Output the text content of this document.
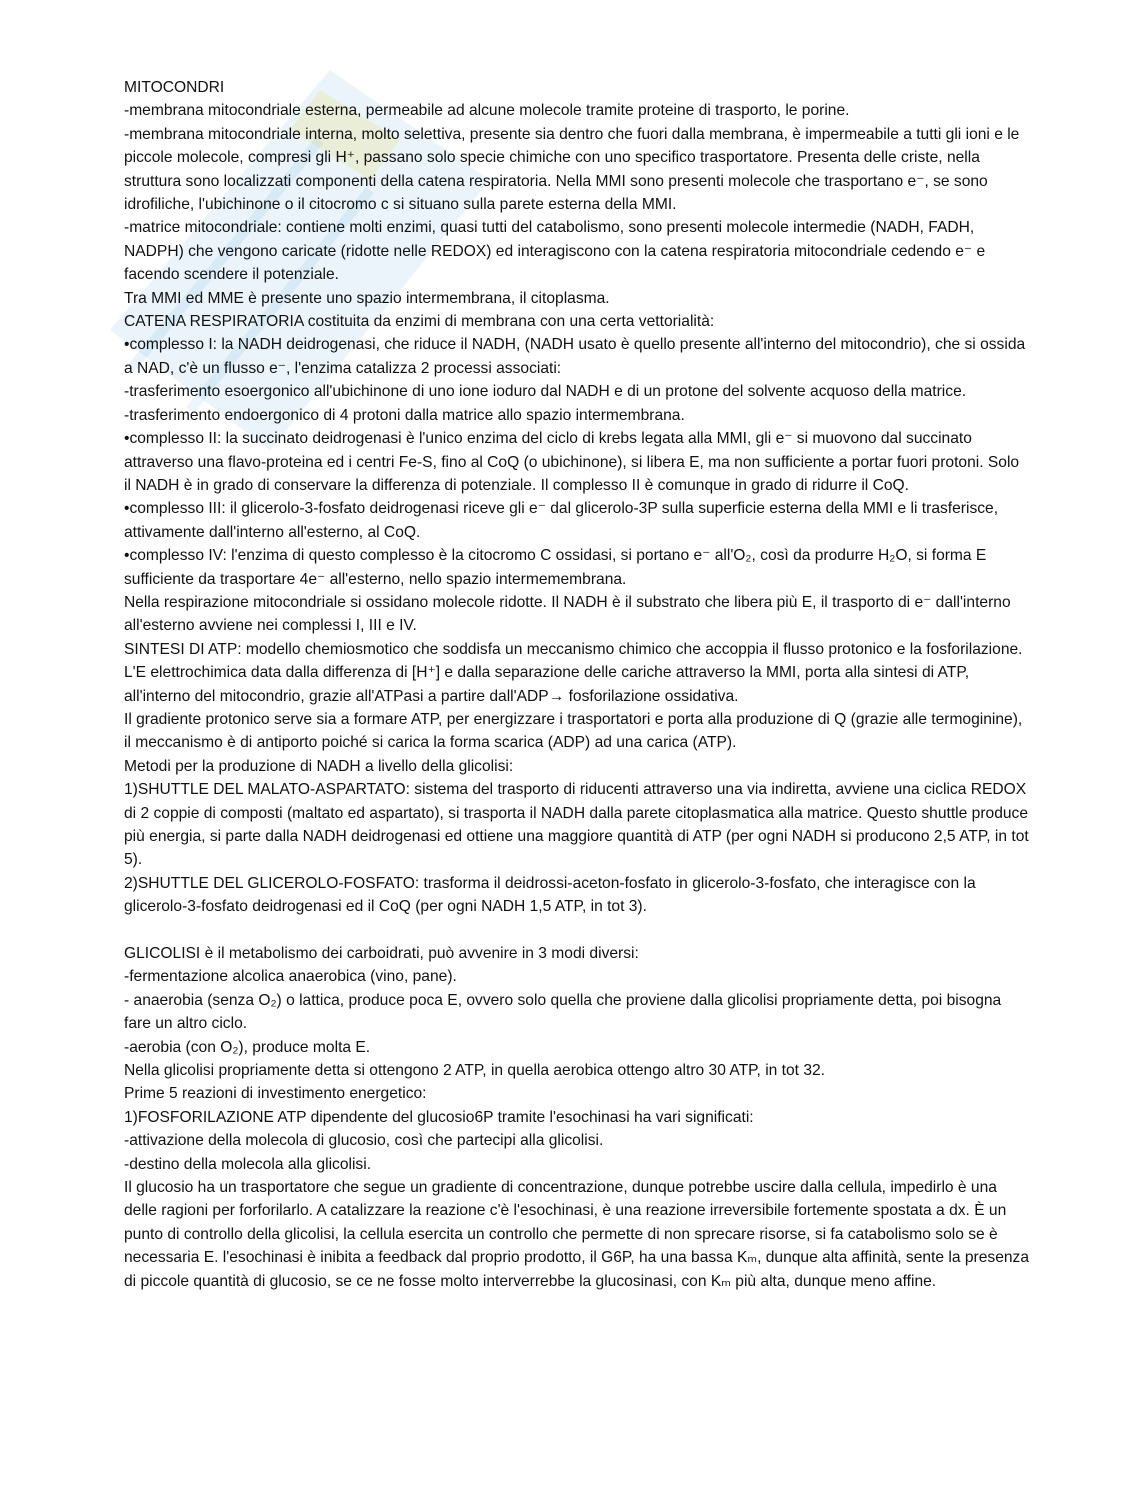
MITOCONDRI
-membrana mitocondriale esterna, permeabile ad alcune molecole tramite proteine di trasporto, le porine.
-membrana mitocondriale interna, molto selettiva, presente sia dentro che fuori dalla membrana, è impermeabile a tutti gli ioni e le piccole molecole, compresi gli H⁺, passano solo specie chimiche con uno specifico trasportatore. Presenta delle criste, nella struttura sono localizzati componenti della catena respiratoria. Nella MMI sono presenti molecole che trasportano e⁻, se sono idrofiliche, l'ubichinone o il citocromo c si situano sulla parete esterna della MMI.
-matrice mitocondriale: contiene molti enzimi, quasi tutti del catabolismo, sono presenti molecole intermedie (NADH, FADH, NADPH) che vengono caricate (ridotte nelle REDOX) ed interagiscono con la catena respiratoria mitocondriale cedendo e⁻ e facendo scendere il potenziale.
Tra MMI ed MME è presente uno spazio intermembrana, il citoplasma.
CATENA RESPIRATORIA costituita da enzimi di membrana con una certa vettorialità:
•complesso I: la NADH deidrogenasi, che riduce il NADH, (NADH usato è quello presente all'interno del mitocondrio), che si ossida a NAD, c'è un flusso e⁻, l'enzima catalizza 2 processi associati:
-trasferimento esoergonico all'ubichinone di uno ione ioduro dal NADH e di un protone del solvente acquoso della matrice.
-trasferimento endoergonico di 4 protoni dalla matrice allo spazio intermembrana.
•complesso II: la succinato deidrogenasi è l'unico enzima del ciclo di krebs legata alla MMI, gli e⁻ si muovono dal succinato attraverso una flavo-proteina ed i centri Fe-S, fino al CoQ (o ubichinone), si libera E, ma non sufficiente a portar fuori protoni. Solo il NADH è in grado di conservare la differenza di potenziale. Il complesso II è comunque in grado di ridurre il CoQ.
•complesso III: il glicerolo-3-fosfato deidrogenasi riceve gli e⁻ dal glicerolo-3P sulla superficie esterna della MMI e li trasferisce, attivamente dall'interno all'esterno, al CoQ.
•complesso IV: l'enzima di questo complesso è la citocromo C ossidasi, si portano e⁻ all'O₂, così da produrre H₂O, si forma E sufficiente da trasportare 4e⁻ all'esterno, nello spazio intermemembrana.
Nella respirazione mitocondriale si ossidano molecole ridotte. Il NADH è il substrato che libera più E, il trasporto di e⁻ dall'interno all'esterno avviene nei complessi I, III e IV.
SINTESI DI ATP: modello chemiosmotico che soddisfa un meccanismo chimico che accoppia il flusso protonico e la fosforilazione. L'E elettrochimica data dalla differenza di [H⁺] e dalla separazione delle cariche attraverso la MMI, porta alla sintesi di ATP, all'interno del mitocondrio, grazie all'ATPasi a partire dall'ADP→ fosforilazione ossidativa.
Il gradiente protonico serve sia a formare ATP, per energizzare i trasportatori e porta alla produzione di Q (grazie alle termoginine), il meccanismo è di antiporto poiché si carica la forma scarica (ADP) ad una carica (ATP).
Metodi per la produzione di NADH a livello della glicolisi:
1)SHUTTLE DEL MALATO-ASPARTATO: sistema del trasporto di riducenti attraverso una via indiretta, avviene una ciclica REDOX di 2 coppie di composti (maltato ed aspartato), si trasporta il NADH dalla parete citoplasmatica alla matrice. Questo shuttle produce più energia, si parte dalla NADH deidrogenasi ed ottiene una maggiore quantità di ATP (per ogni NADH si producono 2,5 ATP, in tot 5).
2)SHUTTLE DEL GLICEROLO-FOSFATO: trasforma il deidrossi-aceton-fosfato in glicerolo-3-fosfato, che interagisce con la glicerolo-3-fosfato deidrogenasi ed il CoQ (per ogni NADH 1,5 ATP, in tot 3).
GLICOLISI è il metabolismo dei carboidrati, può avvenire in 3 modi diversi:
-fermentazione alcolica anaerobica (vino, pane).
- anaerobia (senza O₂) o lattica, produce poca E, ovvero solo quella che proviene dalla glicolisi propriamente detta, poi bisogna fare un altro ciclo.
-aerobia (con O₂), produce molta E.
Nella glicolisi propriamente detta si ottengono 2 ATP, in quella aerobica ottengo altro 30 ATP, in tot 32.
Prime 5 reazioni di investimento energetico:
1)FOSFORILAZIONE ATP dipendente del glucosio6P tramite l'esochinasi ha vari significati:
-attivazione della molecola di glucosio, così che partecipi alla glicolisi.
-destino della molecola alla glicolisi.
Il glucosio ha un trasportatore che segue un gradiente di concentrazione, dunque potrebbe uscire dalla cellula, impedirlo è una delle ragioni per forforilarlo. A catalizzare la reazione c'è l'esochinasi, è una reazione irreversibile fortemente spostata a dx. È un punto di controllo della glicolisi, la cellula esercita un controllo che permette di non sprecare risorse, si fa catabolismo solo se è necessaria E. l'esochinasi è inibita a feedback dal proprio prodotto, il G6P, ha una bassa Kₘ, dunque alta affinità, sente la presenza di piccole quantità di glucosio, se ce ne fosse molto interverrebbe la glucosinasi, con Kₘ più alta, dunque meno affine.
